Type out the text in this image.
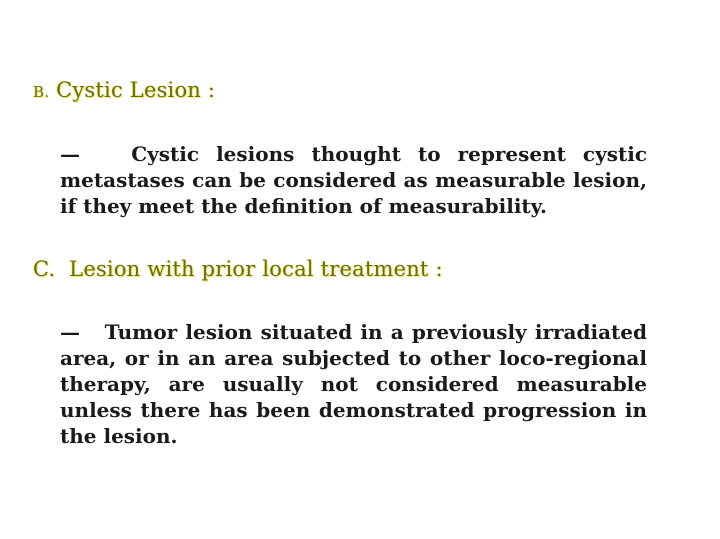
B. Cystic Lesion :
—	Cystic lesions thought to represent cystic metastases can be considered as measurable lesion, if they meet the definition of measurability.
C. Lesion with prior local treatment :
— Tumor lesion situated in a previously irradiated area, or in an area subjected to other loco-regional therapy, are usually not considered measurable unless there has been demonstrated progression in the lesion.
